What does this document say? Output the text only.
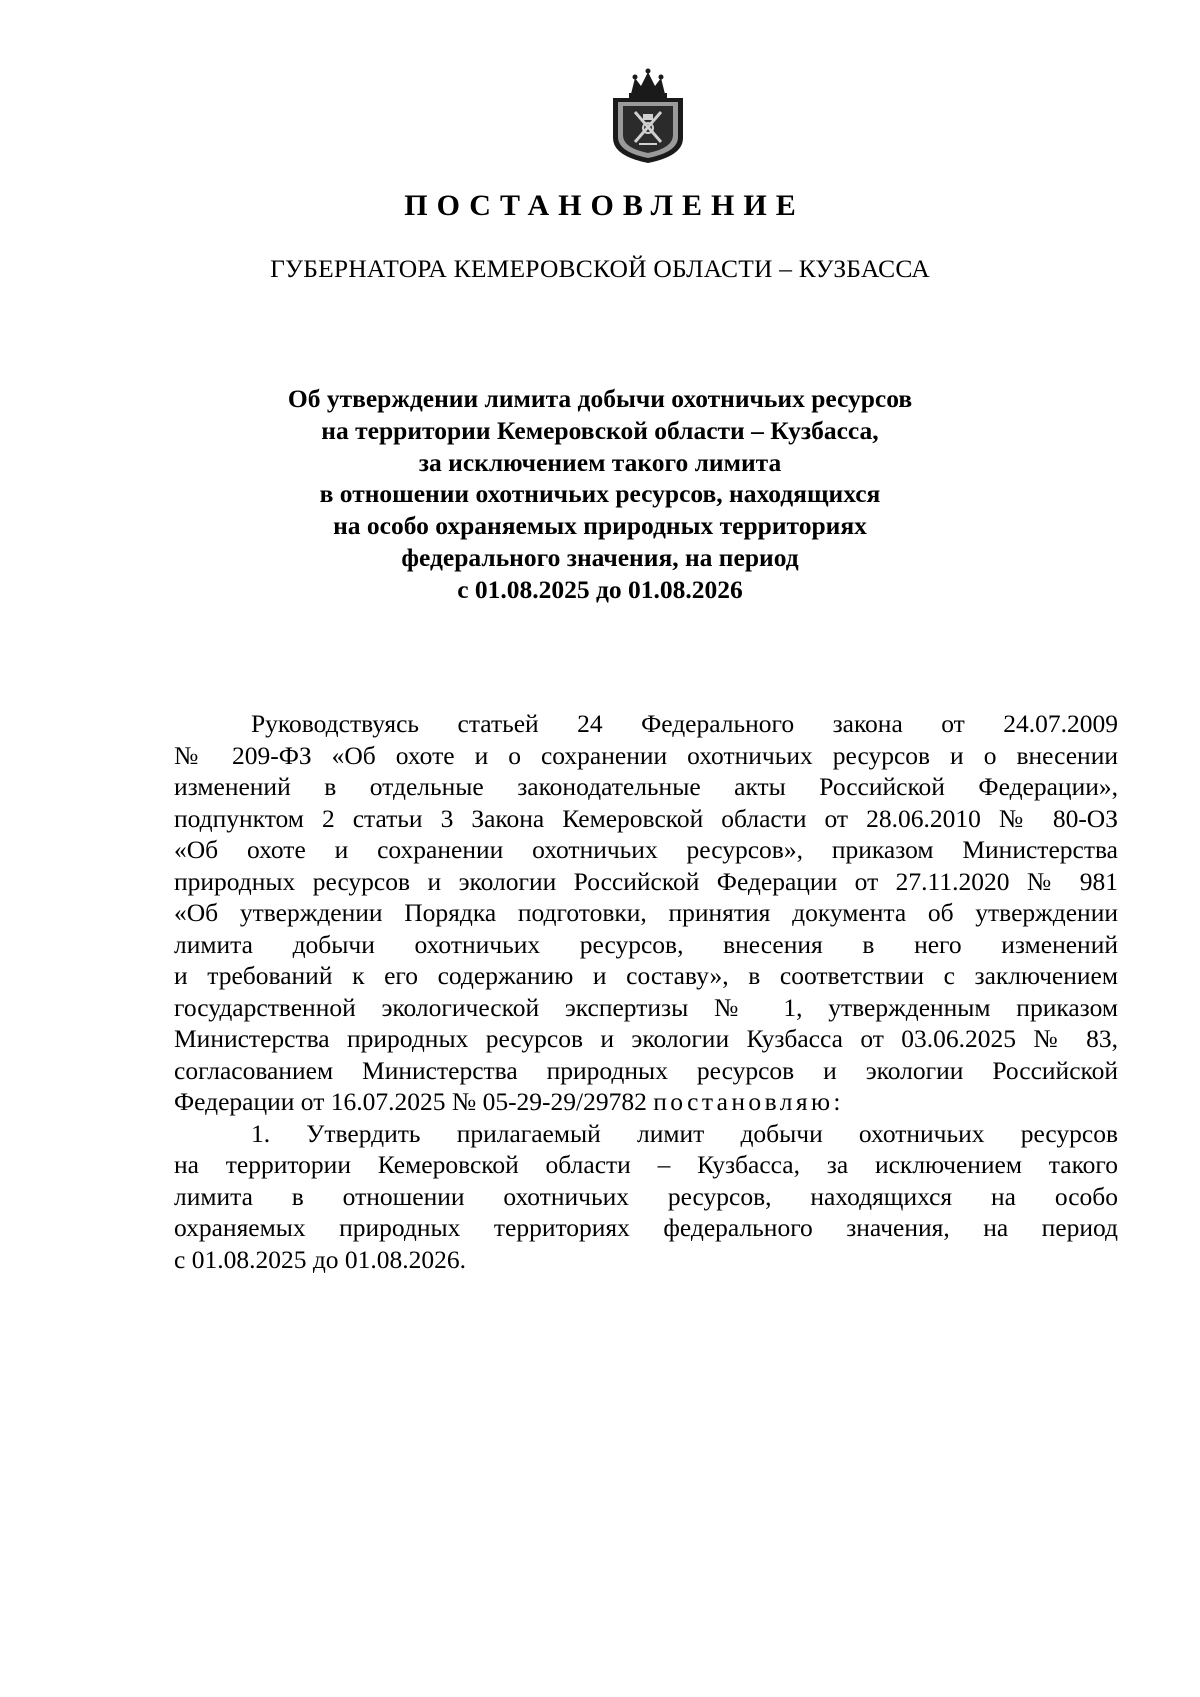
ПОСТАНОВЛЕНИЕ
ГУБЕРНАТОРА КЕМЕРОВСКОЙ ОБЛАСТИ – КУЗБАССА
Об утверждении лимита добычи охотничьих ресурсов
на территории Кемеровской области – Кузбасса,
за исключением такого лимита
в отношении охотничьих ресурсов, находящихся
на особо охраняемых природных территориях
федерального значения, на период
с 01.08.2025 до 01.08.2026
Руководствуясь статьей 24 Федерального закона от 24.07.2009
№ 209-ФЗ «Об охоте и о сохранении охотничьих ресурсов и о внесении
изменений в отдельные законодательные акты Российской Федерации»,
подпунктом 2 статьи 3 Закона Кемеровской области от 28.06.2010 № 80-ОЗ
«Об охоте и сохранении охотничьих ресурсов», приказом Министерства
природных ресурсов и экологии Российской Федерации от 27.11.2020 № 981
«Об утверждении Порядка подготовки, принятия документа об утверждении
лимита добычи охотничьих ресурсов, внесения в него изменений
и требований к его содержанию и составу», в соответствии с заключением
государственной экологической экспертизы № 1, утвержденным приказом
Министерства природных ресурсов и экологии Кузбасса от 03.06.2025 № 83,
согласованием Министерства природных ресурсов и экологии Российской
Федерации от 16.07.2025 № 05-29-29/29782 постановляю:
1. Утвердить прилагаемый лимит добычи охотничьих ресурсов
на территории Кемеровской области – Кузбасса, за исключением такого
лимита в отношении охотничьих ресурсов, находящихся на особо
охраняемых природных территориях федерального значения, на период
с 01.08.2025 до 01.08.2026.
